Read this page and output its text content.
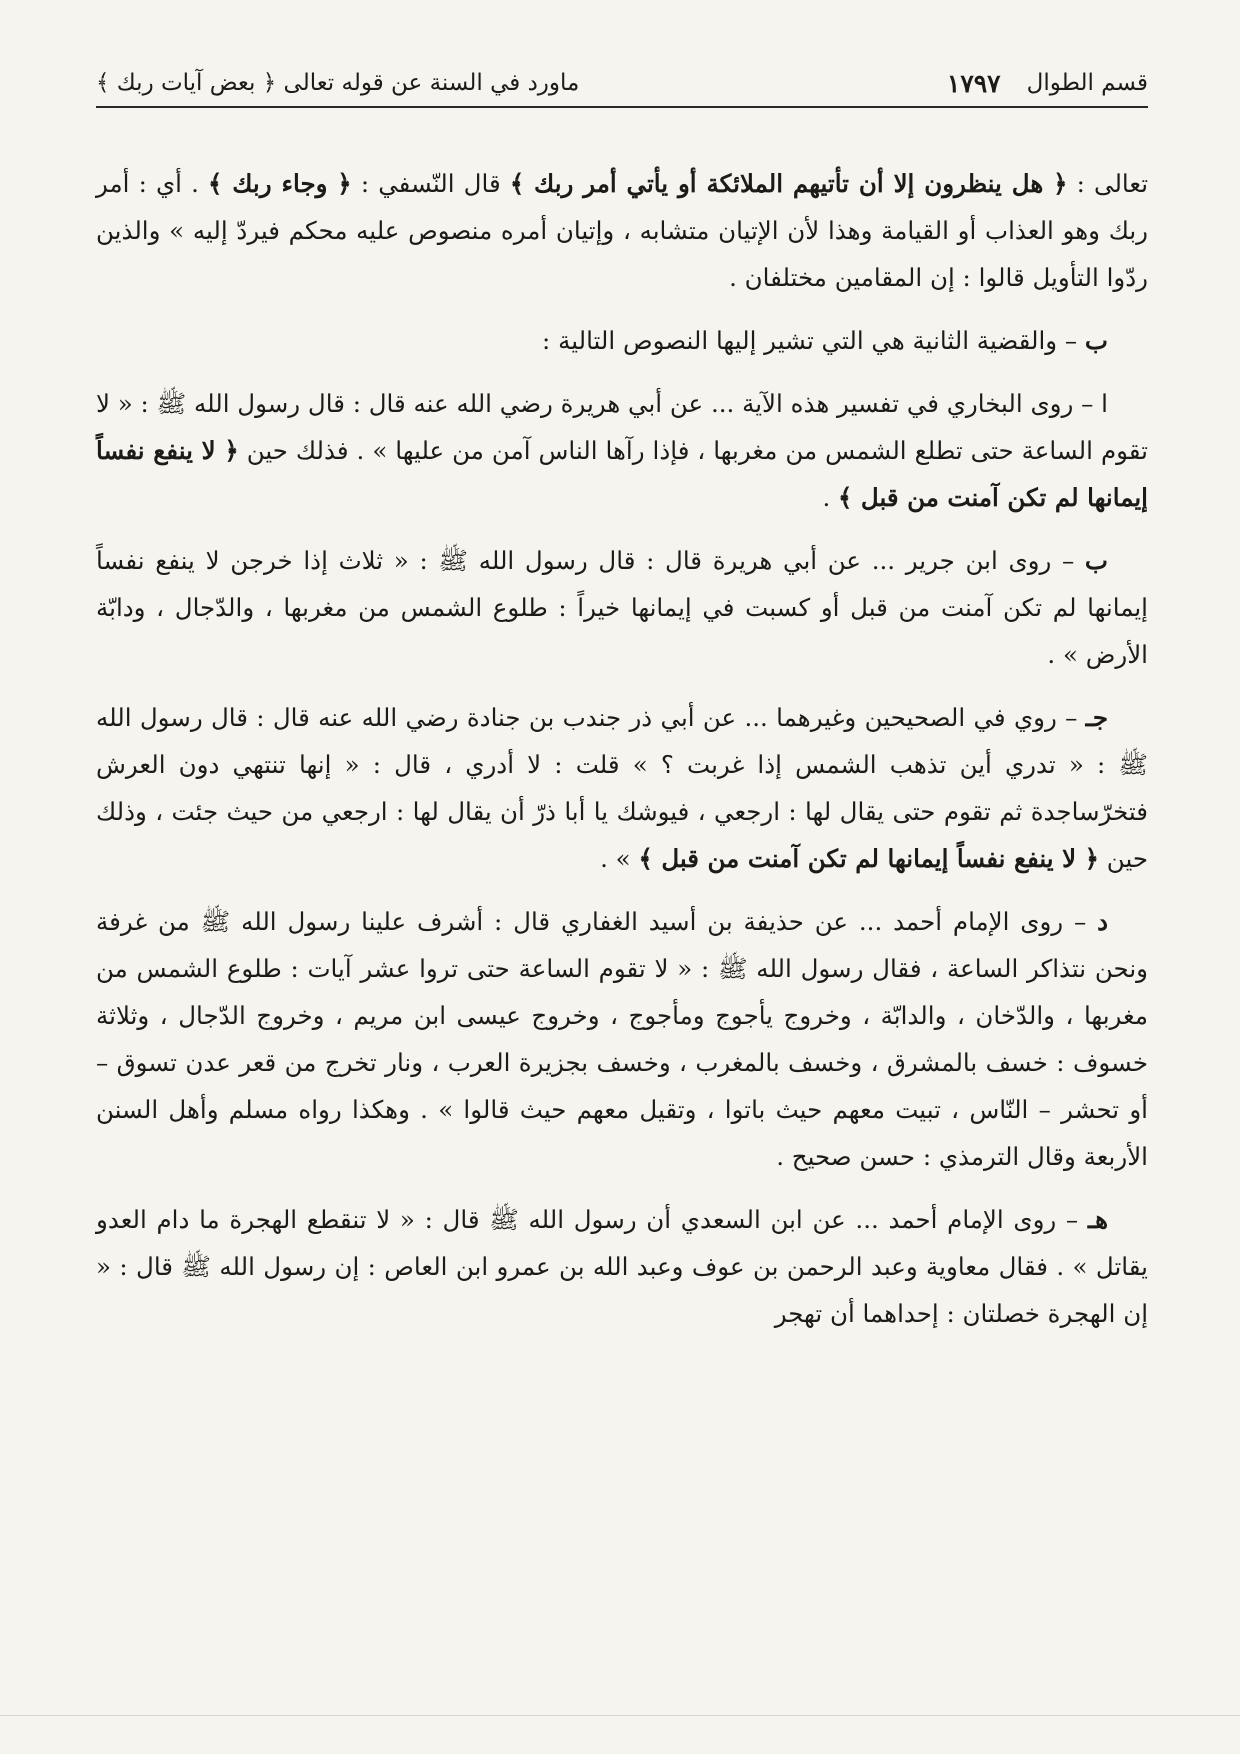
ماورد في السنة عن قوله تعالى ﴿ بعض آيات ربك ﴾	١٧٩٧ قسم الطوال

تعالى : ﴿ هل ينظرون إلا أن تأتيهم الملائكة أو يأتي أمر ربك ﴾ قال النّسفي : ﴿ وجاء ربك ﴾ . أي : أمر ربك وهو العذاب أو القيامة وهذا لأن الإتيان متشابه ، وإتيان أمره منصوص عليه محكم فيردّ إليه » والذين ردّوا التأويل قالوا : إن المقامين مختلفان .

ب – والقضية الثانية هي التي تشير إليها النصوص التالية :

ا – روى البخاري في تفسير هذه الآية ... عن أبي هريرة رضي الله عنه قال : قال رسول الله ﷺ : « لا تقوم الساعة حتى تطلع الشمس من مغربها ، فإذا رآها الناس آمن من عليها » . فذلك حين ﴿ لا ينفع نفساً إيمانها لم تكن آمنت من قبل ﴾ .

ب – روى ابن جرير ... عن أبي هريرة قال : قال رسول الله ﷺ : « ثلاث إذا خرجن لا ينفع نفساً إيمانها لم تكن آمنت من قبل أو كسبت في إيمانها خيراً : طلوع الشمس من مغربها ، والدّجال ، ودابّة الأرض » .

جـ – روي في الصحيحين وغيرهما ... عن أبي ذر جندب بن جنادة رضي الله عنه قال : قال رسول الله ﷺ : « تدري أين تذهب الشمس إذا غربت ؟ » قلت : لا أدري ، قال : « إنها تنتهي دون العرش فتخرّساجدة ثم تقوم حتى يقال لها : ارجعي ، فيوشك يا أبا ذرّ أن يقال لها : ارجعي من حيث جئت ، وذلك حين ﴿ لا ينفع نفساً إيمانها لم تكن آمنت من قبل ﴾ » .

د – روى الإمام أحمد ... عن حذيفة بن أسيد الغفاري قال : أشرف علينا رسول الله ﷺ من غرفة ونحن نتذاكر الساعة ، فقال رسول الله ﷺ : « لا تقوم الساعة حتى تروا عشر آيات : طلوع الشمس من مغربها ، والدّخان ، والدابّة ، وخروج يأجوج ومأجوج ، وخروج عيسى ابن مريم ، وخروج الدّجال ، وثلاثة خسوف : خسف بالمشرق ، وخسف بالمغرب ، وخسف بجزيرة العرب ، ونار تخرج من قعر عدن تسوق – أو تحشر – النّاس ، تبيت معهم حيث باتوا ، وتقيل معهم حيث قالوا » . وهكذا رواه مسلم وأهل السنن الأربعة وقال الترمذي : حسن صحيح .

هـ – روى الإمام أحمد ... عن ابن السعدي أن رسول الله ﷺ قال : « لا تنقطع الهجرة ما دام العدو يقاتل » . فقال معاوية وعبد الرحمن بن عوف وعبد الله بن عمرو ابن العاص : إن رسول الله ﷺ قال : « إن الهجرة خصلتان : إحداهما أن تهجر
